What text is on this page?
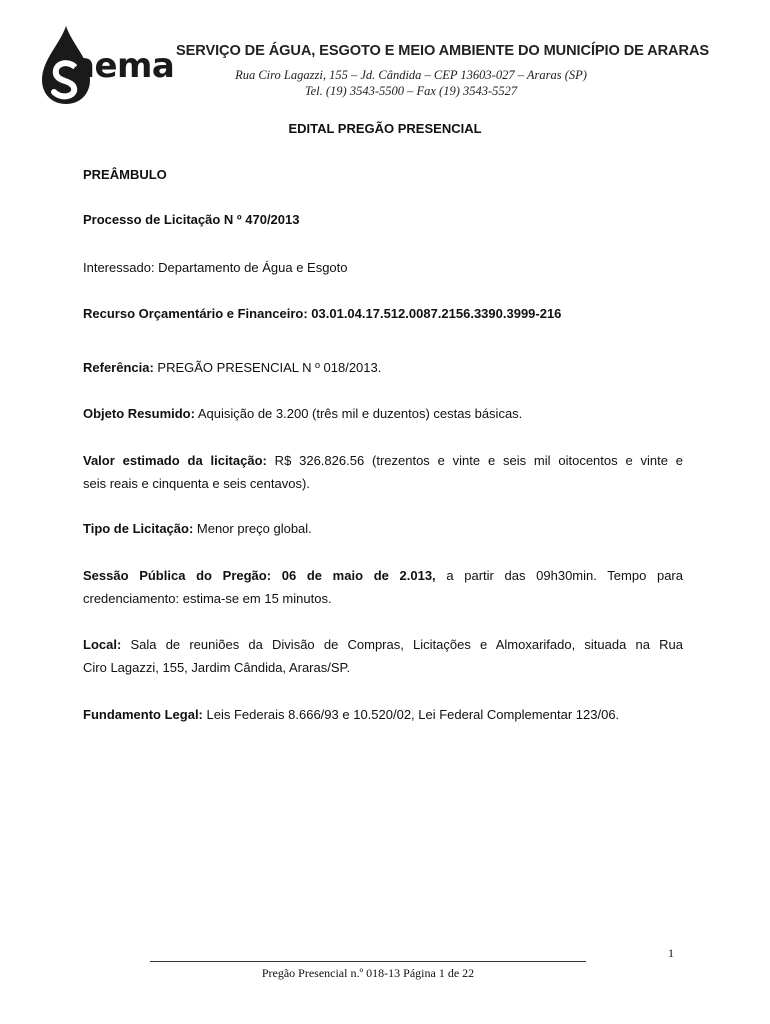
aema SERVIÇO DE ÁGUA, ESGOTO E MEIO AMBIENTE DO MUNICÍPIO DE ARARAS
Rua Ciro Lagazzi, 155 – Jd. Cândida – CEP 13603-027 – Araras (SP)
Tel. (19) 3543-5500 – Fax (19) 3543-5527
EDITAL PREGÃO PRESENCIAL
PREÂMBULO
Processo de Licitação N º 470/2013
Interessado: Departamento de Água e Esgoto
Recurso Orçamentário e Financeiro: 03.01.04.17.512.0087.2156.3390.3999-216
Referência: PREGÃO PRESENCIAL N º 018/2013.
Objeto Resumido: Aquisição de 3.200 (três mil e duzentos) cestas básicas.
Valor estimado da licitação: R$ 326.826.56 (trezentos e vinte e seis mil oitocentos e vinte e
seis reais e cinquenta e seis centavos).
Tipo de Licitação: Menor preço global.
Sessão Pública do Pregão: 06 de maio de 2.013, a partir das 09h30min. Tempo para
credenciamento: estima-se em 15 minutos.
Local: Sala de reuniões da Divisão de Compras, Licitações e Almoxarifado, situada na Rua
Ciro Lagazzi, 155, Jardim Cândida, Araras/SP.
Fundamento Legal: Leis Federais 8.666/93 e 10.520/02, Lei Federal Complementar 123/06.
1
Pregão Presencial n.º 018-13 Página 1 de 22
